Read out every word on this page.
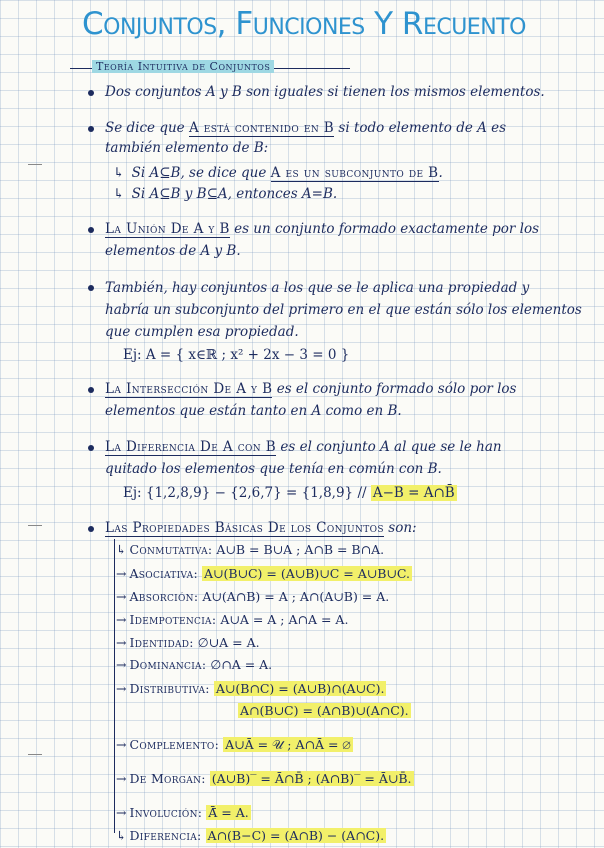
Conjuntos, Funciones Y Recuento
Teoría Intuitiva de Conjuntos
Dos conjuntos A y B son iguales si tienen los mismos elementos.
Se dice que A está contenido en B si todo elemento de A es
también elemento de B:
↳ Si A⊆B, se dice que A es un subconjunto de B.
↳ Si A⊆B y B⊆A, entonces A=B.
La Unión De A y B es un conjunto formado exactamente por los
elementos de A y B.
También, hay conjuntos a los que se le aplica una propiedad y
habría un subconjunto del primero en el que están sólo los elementos
que cumplen esa propiedad.
Ej: A = { x∈ℝ ; x² + 2x − 3 = 0 }
La Intersección De A y B es el conjunto formado sólo por los
elementos que están tanto en A como en B.
La Diferencia De A con B es el conjunto A al que se le han
quitado los elementos que tenía en común con B.
Ej: {1,2,8,9} − {2,6,7} = {1,8,9} // A−B = A∩B̄
Las Propiedades Básicas De los Conjuntos son:
↳ Conmutativa: A∪B = B∪A ; A∩B = B∩A.
→ Asociativa: A∪(B∪C) = (A∪B)∪C = A∪B∪C.
→ Absorción: A∪(A∩B) = A ; A∩(A∪B) = A.
→ Idempotencia: A∪A = A ; A∩A = A.
→ Identidad: ∅∪A = A.
→ Dominancia: ∅∩A = A.
→ Distributiva: A∪(B∩C) = (A∪B)∩(A∪C).
A∩(B∪C) = (A∩B)∪(A∩C).
→ Complemento: A∪Ā = 𝒰 ; A∩Ā = ∅
→ De Morgan: (A∪B)‾ = Ā∩B̄ ; (A∩B)‾ = Ā∪B̄.
→ Involución: Ā̄ = A.
↳ Diferencia: A∩(B−C) = (A∩B) − (A∩C).
